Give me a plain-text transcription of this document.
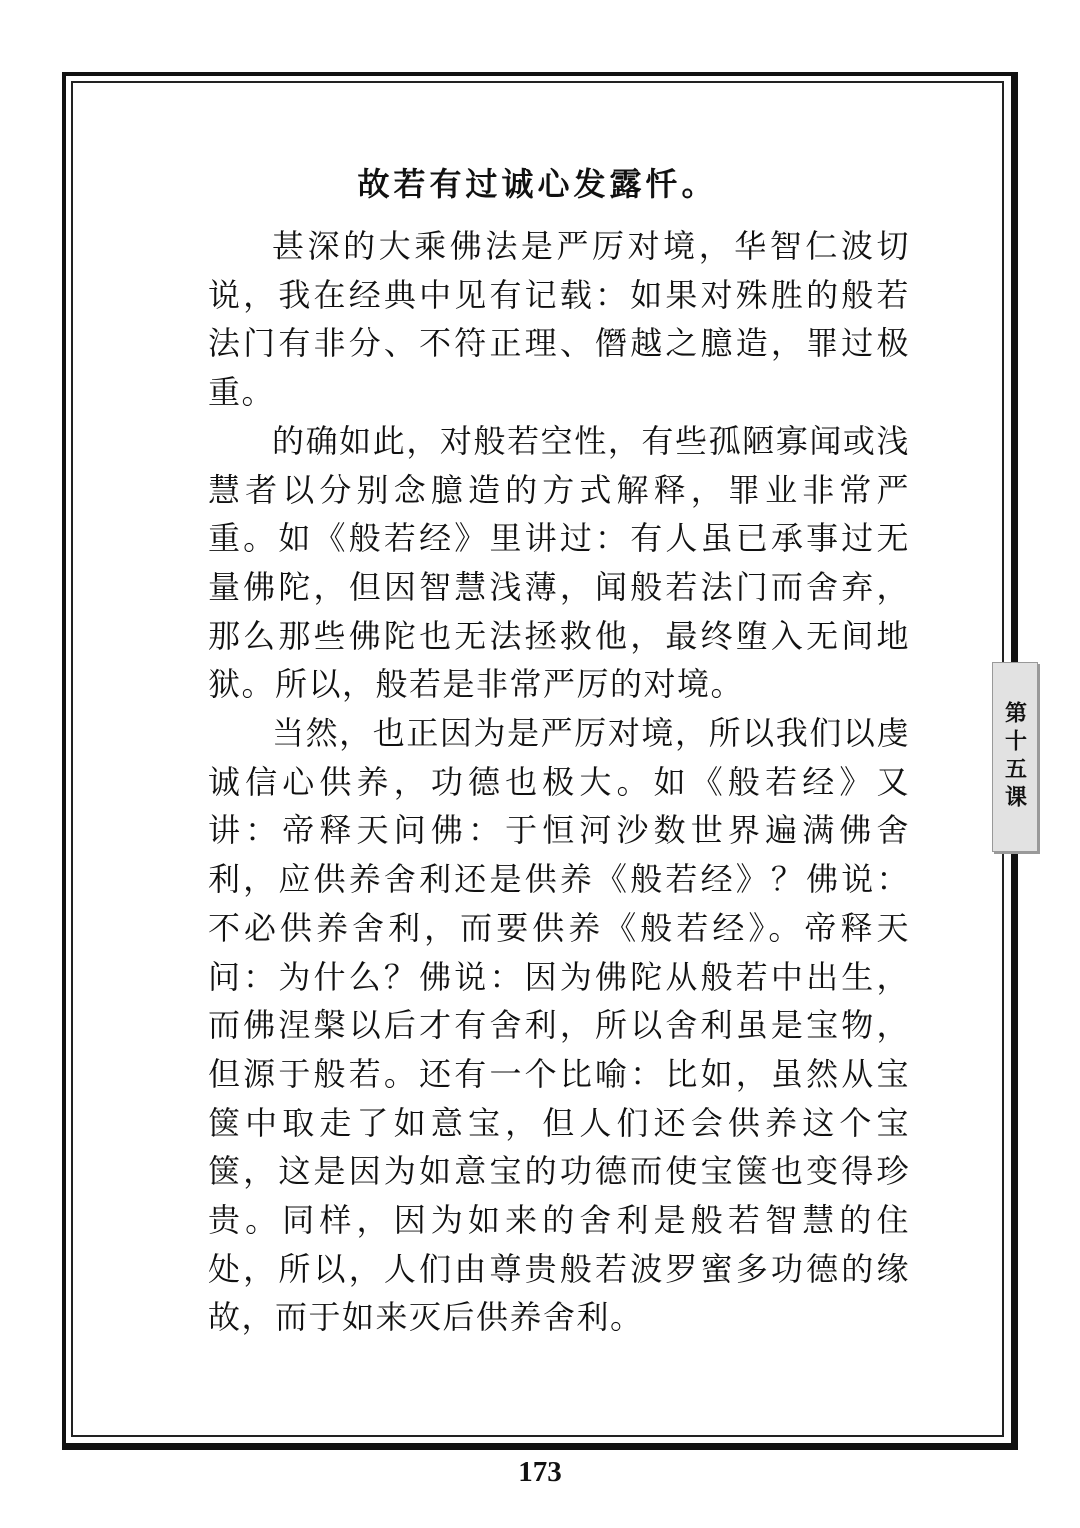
故若有过诚心发露忏。

甚深的大乘佛法是严厉对境，华智仁波切说，我在经典中见有记载：如果对殊胜的般若法门有非分、不符正理、僭越之臆造，罪过极重。

的确如此，对般若空性，有些孤陋寡闻或浅慧者以分别念臆造的方式解释，罪业非常严重。如《般若经》里讲过：有人虽已承事过无量佛陀，但因智慧浅薄，闻般若法门而舍弃，那么那些佛陀也无法拯救他，最终堕入无间地狱。所以，般若是非常严厉的对境。

当然，也正因为是严厉对境，所以我们以虔诚信心供养，功德也极大。如《般若经》又讲：帝释天问佛：于恒河沙数世界遍满佛舍利，应供养舍利还是供养《般若经》？佛说：不必供养舍利，而要供养《般若经》。帝释天问：为什么？佛说：因为佛陀从般若中出生，而佛涅槃以后才有舍利，所以舍利虽是宝物，但源于般若。还有一个比喻：比如，虽然从宝箧中取走了如意宝，但人们还会供养这个宝箧，这是因为如意宝的功德而使宝箧也变得珍贵。同样，因为如来的舍利是般若智慧的住处，所以，人们由尊贵般若波罗蜜多功德的缘故，而于如来灭后供养舍利。

第十五课
173
